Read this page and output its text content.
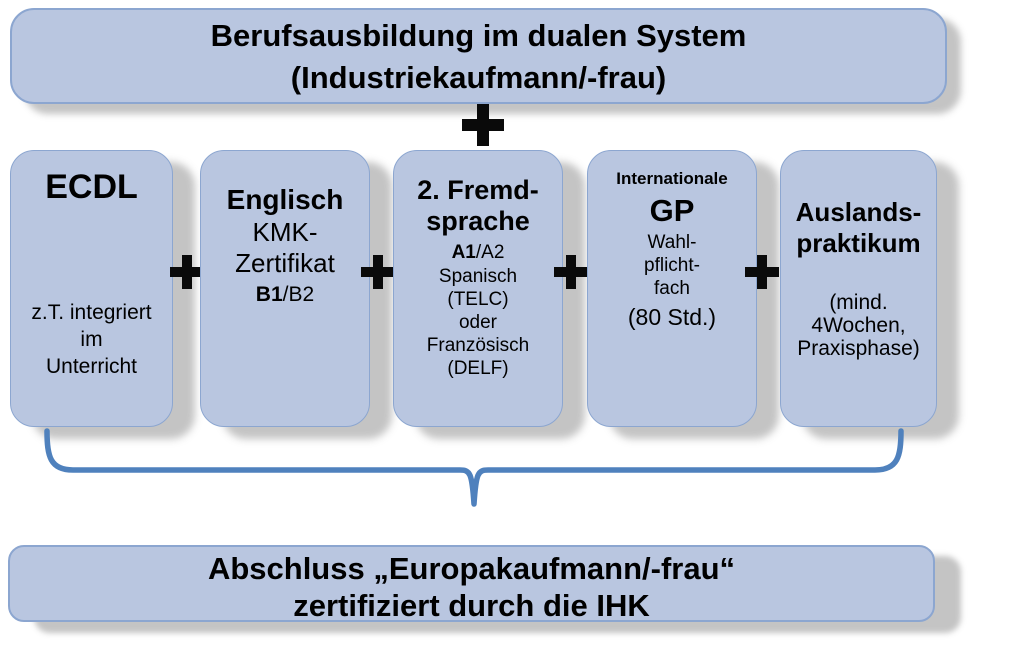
Berufsausbildung im dualen System
(Industriekaufmann/-frau)
ECDL
z.T. integriert
im
Unterricht
Englisch
KMK-
Zertifikat
B1/B2
2. Fremd-
sprache
A1/A2
Spanisch
(TELC)
oder
Französisch
(DELF)
Internationale
GP
Wahl-
pflicht-
fach
(80 Std.)
Auslands-
praktikum
(mind.
4Wochen,
Praxisphase)
Abschluss „Europakaufmann/-frau“
zertifiziert durch die IHK
